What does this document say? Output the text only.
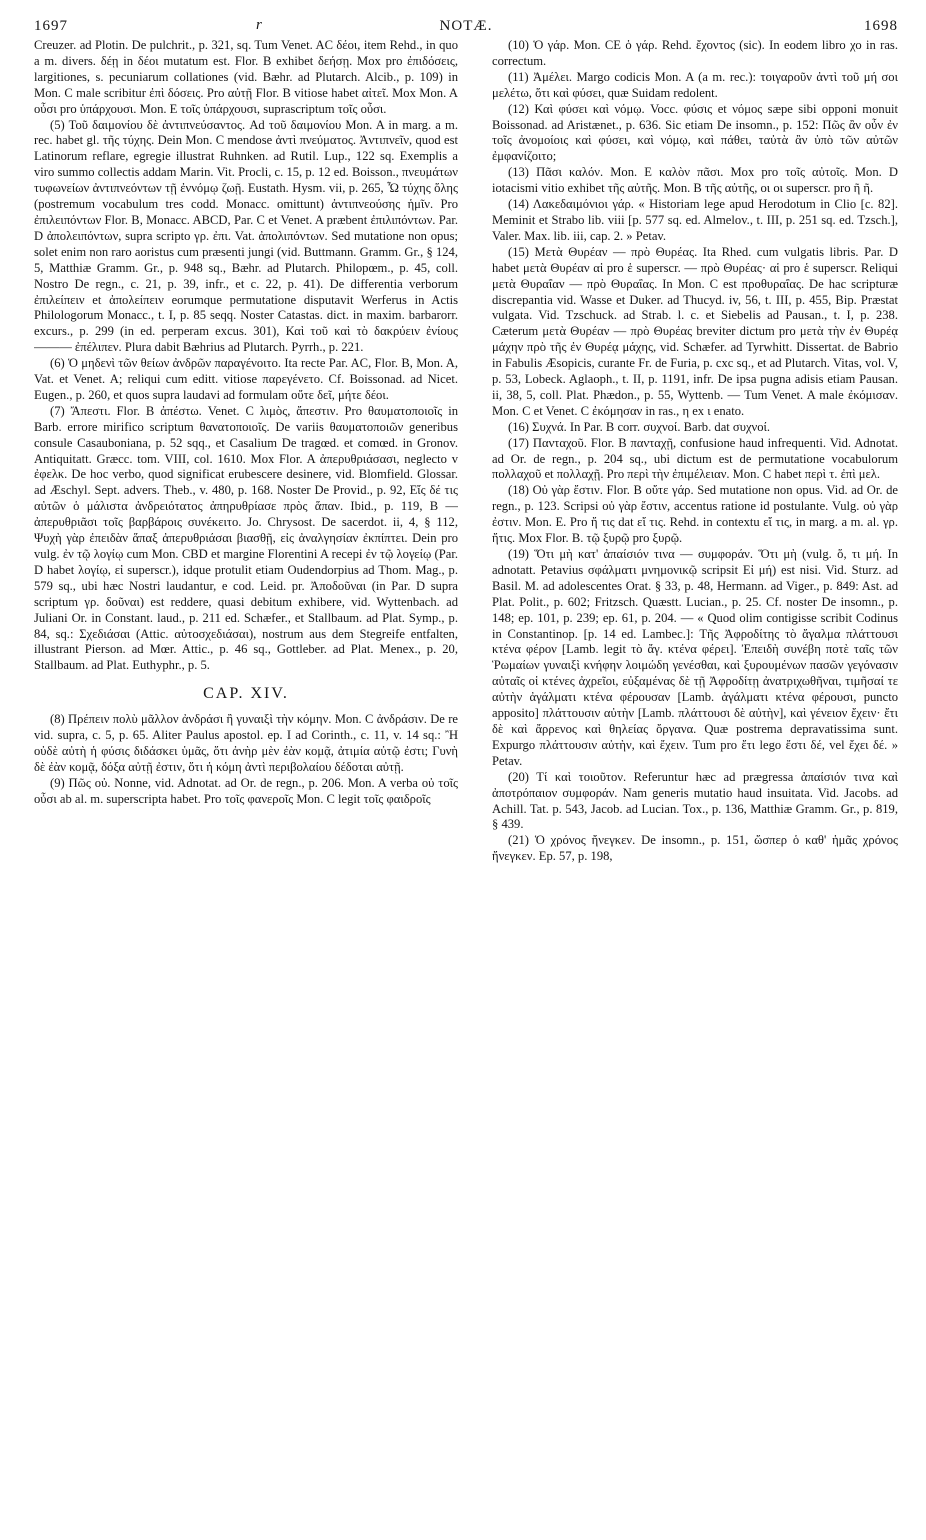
1697	r	NOTÆ.	1698

Creuzer. ad Plotin. De pulchrit., p. 321, sq. Tum Venet. AC δέοι, item Rehd., in quo a m. divers. δέῃ in δέοι mutatum est. Flor. B exhibet δεήσῃ. Mox pro ἐπιδόσεις, largitiones, s. pecuniarum collationes (vid. Bæhr. ad Plutarch. Alcib., p. 109) in Mon. C male scribitur ἐπὶ δόσεις. Pro αὐτῇ Flor. B vitiose habet αἰτεῖ. Mox Mon. A οὖσι pro ὑπάρχουσι. Mon. E τοῖς ὑπάρχουσι, suprascriptum τοῖς οὖσι.

(5) Τοῦ δαιμονίου δὲ ἀντιπνεύσαντος. Ad τοῦ δαιμονίου Mon. A in marg. a m. rec. habet gl. τῆς τύχης. Dein Mon. C mendose ἀντὶ πνεύματος. Ἀντιπνεῖν, quod est Latinorum reflare, egregie illustrat Ruhnken. ad Rutil. Lup., 122 sq. Exemplis a viro summo collectis addam Marin. Vit. Procli, c. 15, p. 12 ed. Boisson., πνευμάτων τυφωνείων ἀντιπνεόντων τῇ ἐννόμῳ ζωῇ. Eustath. Hysm. vii, p. 265, Ὦ τύχης ὅλης (postremum vocabulum tres codd. Monacc. omittunt) ἀντιπνεούσης ἡμῖν. Pro ἐπιλειπόντων Flor. B, Monacc. ABCD, Par. C et Venet. A præbent ἐπιλιπόντων. Par. D ἀπολειπόντων, supra scripto γρ. ἐπι. Vat. ἀπολιπόντων. Sed mutatione non opus; solet enim non raro aoristus cum præsenti jungi (vid. Buttmann. Gramm. Gr., § 124, 5, Matthiæ Gramm. Gr., p. 948 sq., Bæhr. ad Plutarch. Philopœm., p. 45, coll. Nostro De regn., c. 21, p. 39, infr., et c. 22, p. 41). De differentia verborum ἐπιλείπειν et ἀπολείπειν eorumque permutatione disputavit Werferus in Actis Philologorum Monacc., t. I, p. 85 seqq. Noster Catastas. dict. in maxim. barbarorr. excurs., p. 299 (in ed. perperam excus. 301), Καὶ τοῦ καὶ τὸ δακρύειν ἐνίους ——— ἐπέλιπεν. Plura dabit Bæhrius ad Plutarch. Pyrrh., p. 221.

(6) Ὁ μηδενὶ τῶν θείων ἀνδρῶν παραγένοιτο. Ita recte Par. AC, Flor. B, Mon. A, Vat. et Venet. A; reliqui cum editt. vitiose παρεγένετο. Cf. Boissonad. ad Nicet. Eugen., p. 260, et quos supra laudavi ad formulam οὔτε δεῖ, μήτε δέοι.

(7) Ἄπεστι. Flor. B ἀπέστω. Venet. C λιμὸς, ἄπεστιν. Pro θαυματοποιοῖς in Barb. errore mirifico scriptum θανατοποιοῖς. De variis θαυματοποιῶν generibus consule Casauboniana, p. 52 sqq., et Casalium De tragœd. et comœd. in Gronov. Antiquitatt. Græcc. tom. VIII, col. 1610. Mox Flor. A ἀπερυθριάσασι, neglecto v ἐφελκ. De hoc verbo, quod significat erubescere desinere, vid. Blomfield. Glossar. ad Æschyl. Sept. advers. Theb., v. 480, p. 168. Noster De Provid., p. 92, Εἴς δέ τις αὐτῶν ὁ μάλιστα ἀνδρειότατος ἀπηρυθρίασε πρὸς ἅπαν. Ibid., p. 119, B — ἀπερυθριᾶσι τοῖς βαρβάροις συνέκειτο. Jo. Chrysost. De sacerdot. ii, 4, § 112, Ψυχὴ γὰρ ἐπειδὰν ἅπαξ ἀπερυθριάσαι βιασθῇ, εἰς ἀναλγησίαν ἐκπίπτει. Dein pro vulg. ἐν τῷ λογίῳ cum Mon. CBD et margine Florentini A recepi ἐν τῷ λογείῳ (Par. D habet λογίῳ, εἰ superscr.), idque protulit etiam Oudendorpius ad Thom. Mag., p. 579 sq., ubi hæc Nostri laudantur, e cod. Leid. pr. Ἀποδοῦναι (in Par. D supra scriptum γρ. δοῦναι) est reddere, quasi debitum exhibere, vid. Wyttenbach. ad Juliani Or. in Constant. laud., p. 211 ed. Schæfer., et Stallbaum. ad Plat. Symp., p. 84, sq.: Σχεδιάσαι (Attic. αὐτοσχεδιάσαι), nostrum aus dem Stegreife entfalten, illustrant Pierson. ad Mœr. Attic., p. 46 sq., Gottleber. ad Plat. Menex., p. 20, Stallbaum. ad Plat. Euthyphr., p. 5.

CAP. XIV.

(8) Πρέπειν πολὺ μᾶλλον ἀνδράσι ἢ γυναιξὶ τὴν κόμην. Mon. C ἀνδράσιν. De re vid. supra, c. 5, p. 65. Aliter Paulus apostol. ep. I ad Corinth., c. 11, v. 14 sq.: Ἢ οὐδὲ αὐτὴ ἡ φύσις διδάσκει ὑμᾶς, ὅτι ἀνὴρ μὲν ἐὰν κομᾷ, ἀτιμία αὐτῷ ἐστι; Γυνὴ δὲ ἐὰν κομᾷ, δόξα αὐτῇ ἐστιν, ὅτι ἡ κόμη ἀντὶ περιβολαίου δέδοται αὐτῇ.

(9) Πῶς οὐ. Nonne, vid. Adnotat. ad Or. de regn., p. 206. Mon. A verba οὐ τοῖς οὖσι ab al. m. superscripta habet. Pro τοῖς φανεροῖς Mon. C legit τοῖς φαιδροῖς

(10) Ὁ γάρ. Mon. CE ὁ γάρ. Rehd. ἔχοντος (sic). In eodem libro χο in ras. correctum.

(11) Ἀμέλει. Margo codicis Mon. A (a m. rec.): τοιγαροῦν ἀντὶ τοῦ μή σοι μελέτω, ὅτι καὶ φύσει, quæ Suidam redolent.

(12) Καὶ φύσει καὶ νόμῳ. Vocc. φύσις et νόμος sæpe sibi opponi monuit Boissonad. ad Aristænet., p. 636. Sic etiam De insomn., p. 152: Πῶς ἂν οὖν ἐν τοῖς ἀνομοίοις καὶ φύσει, καὶ νόμῳ, καὶ πάθει, ταὐτὰ ἂν ὑπὸ τῶν αὐτῶν ἐμφανίζοιτο;

(13) Πᾶσι καλόν. Mon. E καλὸν πᾶσι. Mox pro τοῖς αὐτοῖς. Mon. D iotacismi vitio exhibet τῆς αὐτῆς. Mon. B τῆς αὐτῆς, οι οι superscr. pro ῆ ῆ.

(14) Λακεδαιμόνιοι γάρ. « Historiam lege apud Herodotum in Clio [c. 82]. Meminit et Strabo lib. viii [p. 577 sq. ed. Almelov., t. III, p. 251 sq. ed. Tzsch.], Valer. Max. lib. iii, cap. 2. » Petav.

(15) Μετὰ Θυρέαν — πρὸ Θυρέας. Ita Rhed. cum vulgatis libris. Par. D habet μετὰ Θυρέαν αἱ pro ἑ superscr. — πρὸ Θυρέας· αἱ pro ἑ superscr. Reliqui μετὰ Θυραΐαν — πρὸ Θυραΐας. In Mon. C est προθυραΐας. De hac scripturæ discrepantia vid. Wasse et Duker. ad Thucyd. iv, 56, t. III, p. 455, Bip. Præstat vulgata. Vid. Tzschuck. ad Strab. l. c. et Siebelis ad Pausan., t. I, p. 238. Cæterum μετὰ Θυρέαν — πρὸ Θυρέας breviter dictum pro μετὰ τὴν ἐν Θυρέᾳ μάχην πρὸ τῆς ἐν Θυρέᾳ μάχης, vid. Schæfer. ad Tyrwhitt. Dissertat. de Babrio in Fabulis Æsopicis, curante Fr. de Furia, p. cxc sq., et ad Plutarch. Vitas, vol. V, p. 53, Lobeck. Aglaoph., t. II, p. 1191, infr. De ipsa pugna adisis etiam Pausan. ii, 38, 5, coll. Plat. Phædon., p. 55, Wyttenb. — Tum Venet. A male ἐκόμισαν. Mon. C et Venet. C ἐκόμησαν in ras., η ex ι enato.

(16) Συχνά. In Par. B corr. συχνοί. Barb. dat συχνοί.

(17) Πανταχοῦ. Flor. B πανταχῇ, confusione haud infrequenti. Vid. Adnotat. ad Or. de regn., p. 204 sq., ubi dictum est de permutatione vocabulorum πολλαχοῦ et πολλαχῇ. Pro περὶ τὴν ἐπιμέλειαν. Mon. C habet περὶ τ. ἐπὶ μελ.

(18) Οὐ γὰρ ἔστιν. Flor. B οὔτε γάρ. Sed mutatione non opus. Vid. ad Or. de regn., p. 123. Scripsi οὐ γὰρ ἔστιν, accentus ratione id postulante. Vulg. οὐ γὰρ ἐστιν. Mon. E. Pro ἤ τις dat εἴ τις. Rehd. in contextu εἴ τις, in marg. a m. al. γρ. ἤτις. Mox Flor. B. τῷ ξυρῷ pro ξυρῷ.

(19) Ὅτι μὴ κατ' ἀπαίσιόν τινα — συμφοράν. Ὅτι μὴ (vulg. ὅ, τι μή. In adnotatt. Petavius σφάλματι μνημονικῷ scripsit Εἰ μή) est nisi. Vid. Sturz. ad Basil. M. ad adolescentes Orat. § 33, p. 48, Hermann. ad Viger., p. 849: Ast. ad Plat. Polit., p. 602; Fritzsch. Quæstt. Lucian., p. 25. Cf. noster De insomn., p. 148; ep. 101, p. 239; ep. 61, p. 204. — « Quod olim contigisse scribit Codinus in Constantinop. [p. 14 ed. Lambec.]: Τῆς Ἀφροδίτης τὸ ἄγαλμα πλάττουσι κτένα φέρον [Lamb. legit τὸ ἄγ. κτένα φέρει]. Ἐπειδὴ συνέβη ποτὲ ταῖς τῶν Ῥωμαίων γυναιξὶ κνήφην λοιμώδη γενέσθαι, καὶ ξυρουμένων πασῶν γεγόνασιν αὐταῖς οἱ κτένες ἀχρεῖοι, εὐξαμένας δὲ τῇ Ἀφροδίτῃ ἀνατριχωθῆναι, τιμῆσαί τε αὐτὴν ἀγάλματι κτένα φέρουσαν [Lamb. ἀγάλματι κτένα φέρουσι, puncto apposito] πλάττουσιν αὐτὴν [Lamb. πλάττουσι δὲ αὐτὴν], καὶ γένειον ἔχειν· ἔτι δὲ καὶ ἄρρενος καὶ θηλείας ὄργανα. Quæ postrema depravatissima sunt. Expurgo πλάττουσιν αὐτὴν, καὶ ἔχειν. Tum pro ἔτι lego ἔστι δέ, vel ἔχει δέ. » Petav.

(20) Τί καὶ τοιοῦτον. Referuntur hæc ad prægressa ἀπαίσιόν τινα καὶ ἀποτρόπαιον συμφοράν. Nam generis mutatio haud insuitata. Vid. Jacobs. ad Achill. Tat. p. 543, Jacob. ad Lucian. Tox., p. 136, Matthiæ Gramm. Gr., p. 819, § 439.

(21) Ὁ χρόνος ἤνεγκεν. De insomn., p. 151, ὥσπερ ὁ καθ' ἡμᾶς χρόνος ἤνεγκεν. Ep. 57, p. 198,
